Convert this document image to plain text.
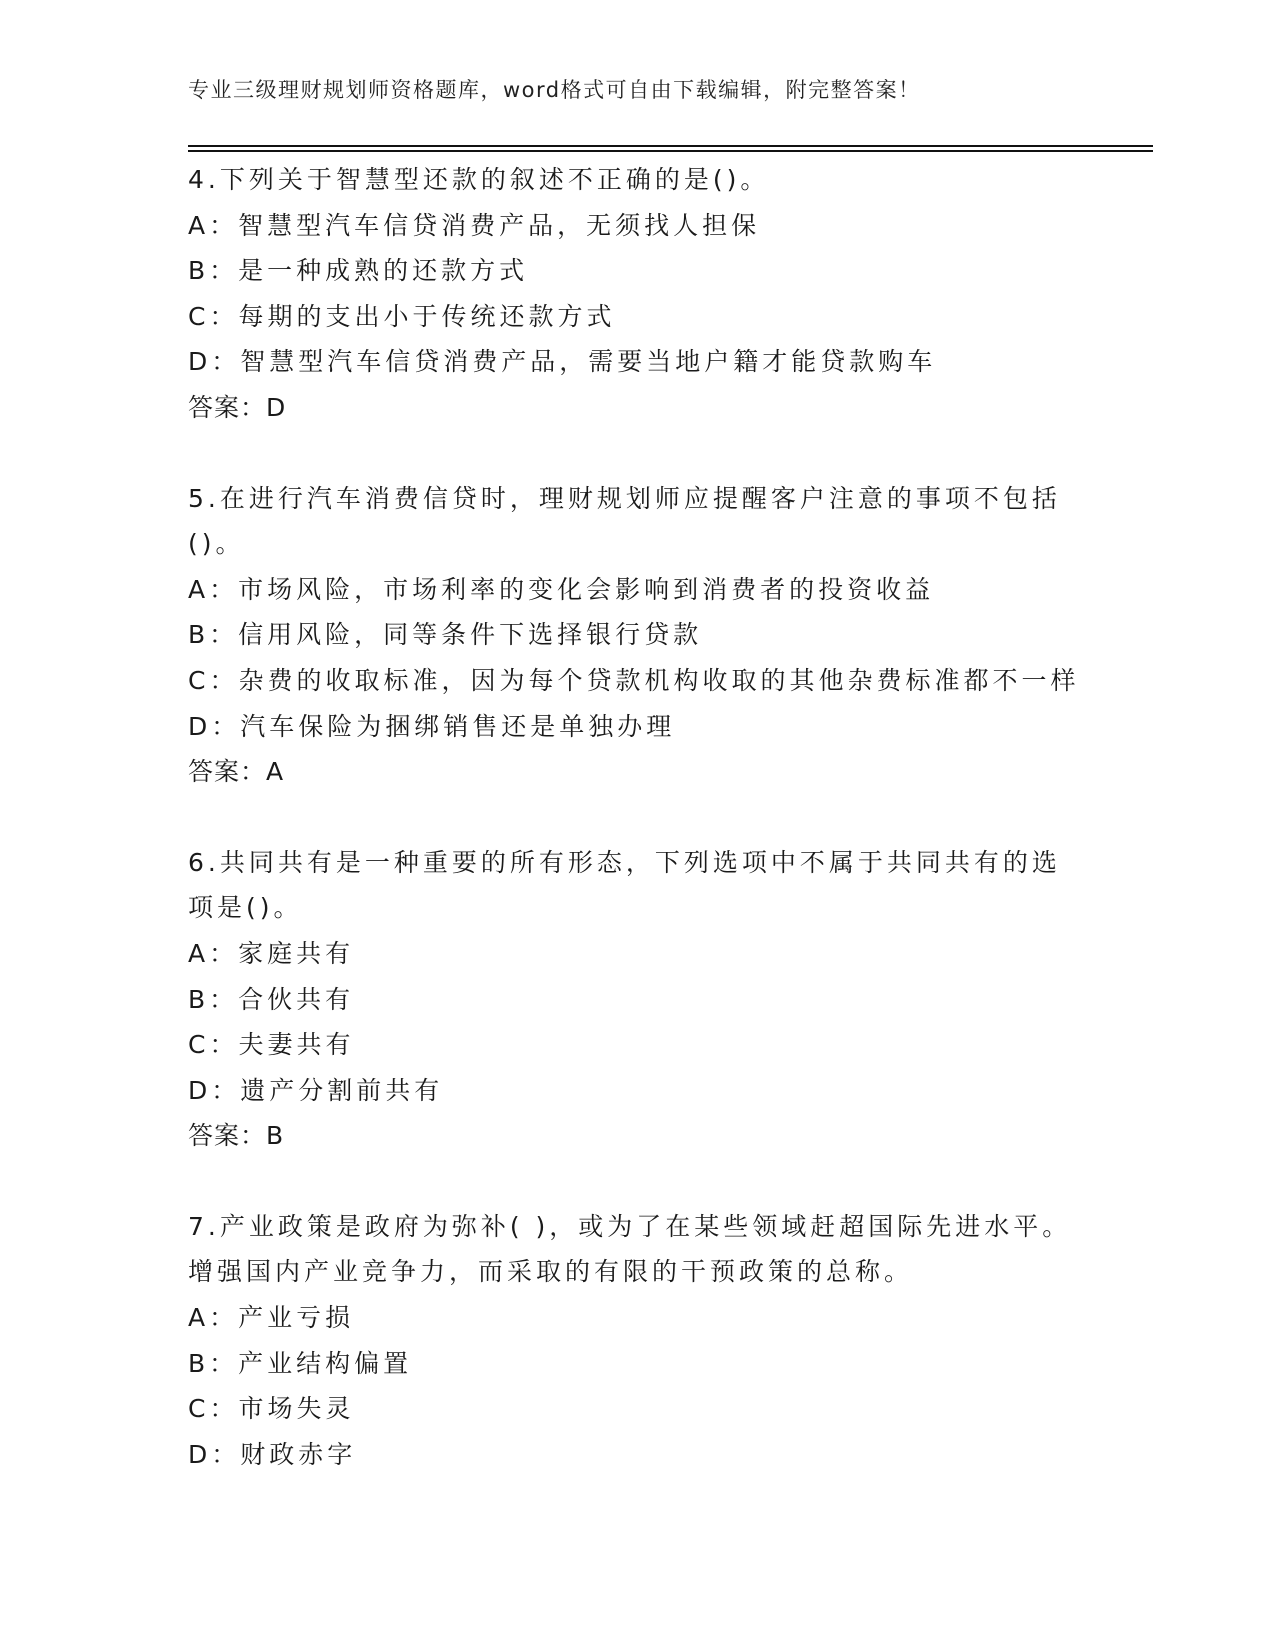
专业三级理财规划师资格题库，word格式可自由下载编辑，附完整答案！
4.下列关于智慧型还款的叙述不正确的是()。
A：智慧型汽车信贷消费产品，无须找人担保
B：是一种成熟的还款方式
C：每期的支出小于传统还款方式
D：智慧型汽车信贷消费产品，需要当地户籍才能贷款购车
答案：D
5.在进行汽车消费信贷时，理财规划师应提醒客户注意的事项不包括
()。
A：市场风险，市场利率的变化会影响到消费者的投资收益
B：信用风险，同等条件下选择银行贷款
C：杂费的收取标准，因为每个贷款机构收取的其他杂费标准都不一样
D：汽车保险为捆绑销售还是单独办理
答案：A
6.共同共有是一种重要的所有形态，下列选项中不属于共同共有的选
项是()。
A：家庭共有
B：合伙共有
C：夫妻共有
D：遗产分割前共有
答案：B
7.产业政策是政府为弥补( )，或为了在某些领域赶超国际先进水平。
增强国内产业竞争力，而采取的有限的干预政策的总称。
A：产业亏损
B：产业结构偏置
C：市场失灵
D：财政赤字
